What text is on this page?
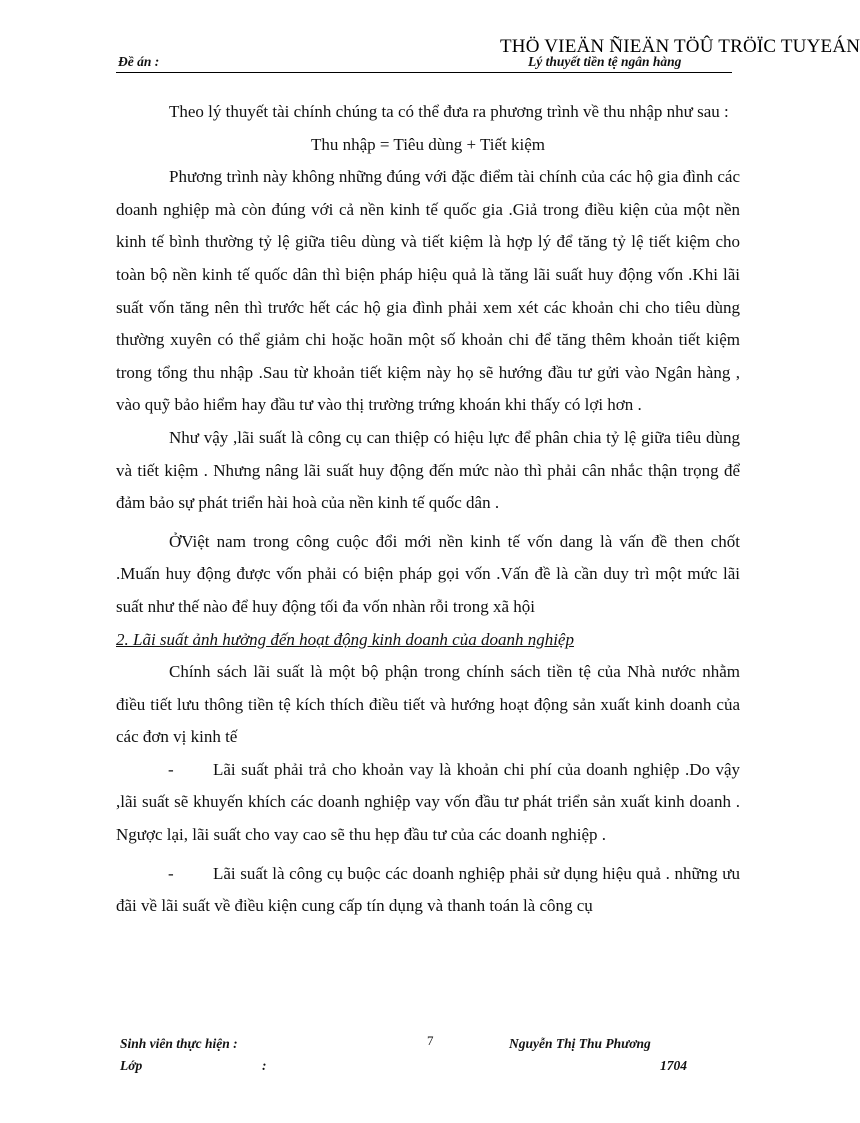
THÖ VIEÄN ÑIEÄN TÖÛ TRÖÏC TUYEÁN
Đề án :	Lý thuyết tiền tệ ngân hàng

Theo lý thuyết tài chính chúng ta có thể đưa ra phương trình về thu nhập như sau :

Thu nhập = Tiêu dùng + Tiết kiệm

Phương trình này không những đúng với đặc điểm tài chính của các hộ gia đình các doanh nghiệp mà còn đúng với cả nền kinh tế quốc gia .Giả trong điều kiện của một nền kinh tế bình thường tỷ lệ giữa tiêu dùng và tiết kiệm là hợp lý để tăng tỷ lệ tiết kiệm cho toàn bộ nền kinh tế quốc dân thì biện pháp hiệu quả là tăng lãi suất huy động vốn .Khi lãi suất vốn tăng nên thì trước hết các hộ gia đình phải xem xét các khoản chi cho tiêu dùng thường xuyên có thể giảm chi hoặc hoãn một số khoản chi để tăng thêm khoản tiết kiệm trong tổng thu nhập .Sau từ khoản tiết kiệm này họ sẽ hướng đầu tư gửi vào Ngân hàng , vào quỹ bảo hiểm hay đầu tư vào thị trường trứng khoán khi thấy có lợi hơn .

Như vậy ,lãi suất là công cụ can thiệp có hiệu lực để phân chia tỷ lệ giữa tiêu dùng và tiết kiệm . Nhưng nâng lãi suất huy động đến mức nào thì phải cân nhắc thận trọng để đảm bảo sự phát triển hài hoà của nền kinh tế quốc dân .

ỞViệt nam trong công cuộc đổi mới nền kinh tế vốn dang là vấn đề then chốt .Muấn huy động được vốn phải có biện pháp gọi vốn .Vấn đề là cần duy trì một mức lãi suất như thế nào để huy động tối đa vốn nhàn rỗi trong xã hội

2. Lãi suất ảnh hưởng đến hoạt động kinh doanh của doanh nghiệp

Chính sách lãi suất là một bộ phận trong chính sách tiền tệ của Nhà nước nhằm điều tiết lưu thông tiền tệ kích thích điều tiết và hướng hoạt động sản xuất kinh doanh của các đơn vị kinh tế

- Lãi suất phải trả cho khoản vay là khoản chi phí của doanh nghiệp .Do vậy ,lãi suất sẽ khuyến khích các doanh nghiệp vay vốn đầu tư phát triển sản xuất kinh doanh . Ngược lại, lãi suất cho vay cao sẽ thu hẹp đầu tư của các doanh nghiệp .

- Lãi suất là công cụ buộc các doanh nghiệp phải sử dụng hiệu quả . những ưu đãi về lãi suất về điều kiện cung cấp tín dụng và thanh toán là công cụ

Sinh viên thực hiện :	7	Nguyễn Thị Thu Phương
Lớp	:	1704
